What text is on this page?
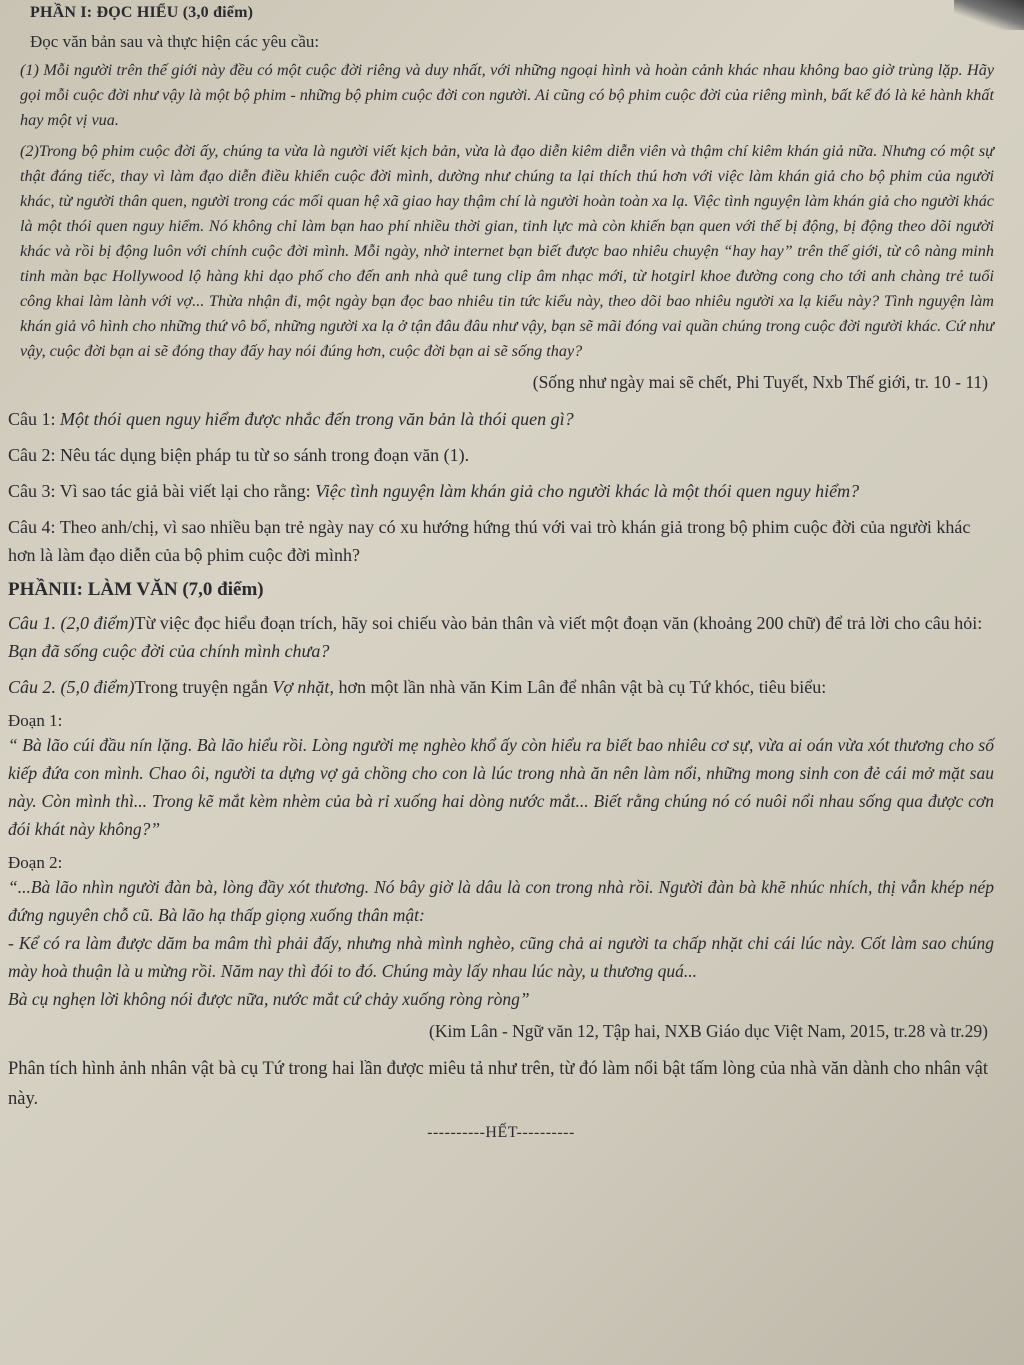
PHẦN I: ĐỌC HIỂU (3,0 điểm)

Đọc văn bản sau và thực hiện các yêu cầu:

(1) Mỗi người trên thế giới này đều có một cuộc đời riêng và duy nhất, với những ngoại hình và hoàn cảnh khác nhau không bao giờ trùng lặp. Hãy gọi mỗi cuộc đời như vậy là một bộ phim - những bộ phim cuộc đời con người. Ai cũng có bộ phim cuộc đời của riêng mình, bất kể đó là kẻ hành khất hay một vị vua.

(2)Trong bộ phim cuộc đời ấy, chúng ta vừa là người viết kịch bản, vừa là đạo diễn kiêm diễn viên và thậm chí kiêm khán giả nữa. Nhưng có một sự thật đáng tiếc, thay vì làm đạo diễn điều khiển cuộc đời mình, dường như chúng ta lại thích thú hơn với việc làm khán giả cho bộ phim của người khác, từ người thân quen, người trong các mối quan hệ xã giao hay thậm chí là người hoàn toàn xa lạ. Việc tình nguyện làm khán giả cho người khác là một thói quen nguy hiểm. Nó không chỉ làm bạn hao phí nhiều thời gian, tinh lực mà còn khiến bạn quen với thế bị động, bị động theo dõi người khác và rồi bị động luôn với chính cuộc đời mình. Mỗi ngày, nhờ internet bạn biết được bao nhiêu chuyện “hay hay” trên thế giới, từ cô nàng minh tinh màn bạc Hollywood lộ hàng khi dạo phố cho đến anh nhà quê tung clip âm nhạc mới, từ hotgirl khoe đường cong cho tới anh chàng trẻ tuổi công khai làm lành với vợ... Thừa nhận đi, một ngày bạn đọc bao nhiêu tin tức kiểu này, theo dõi bao nhiêu người xa lạ kiểu này? Tình nguyện làm khán giả vô hình cho những thứ vô bổ, những người xa lạ ở tận đâu đâu như vậy, bạn sẽ mãi đóng vai quần chúng trong cuộc đời người khác. Cứ như vậy, cuộc đời bạn ai sẽ đóng thay đấy hay nói đúng hơn, cuộc đời bạn ai sẽ sống thay?

(Sống như ngày mai sẽ chết, Phi Tuyết, Nxb Thế giới, tr. 10 - 11)

Câu 1: Một thói quen nguy hiểm được nhắc đến trong văn bản là thói quen gì?

Câu 2: Nêu tác dụng biện pháp tu từ so sánh trong đoạn văn (1).

Câu 3: Vì sao tác giả bài viết lại cho rằng: Việc tình nguyện làm khán giả cho người khác là một thói quen nguy hiểm?

Câu 4: Theo anh/chị, vì sao nhiều bạn trẻ ngày nay có xu hướng hứng thú với vai trò khán giả trong bộ phim cuộc đời của người khác hơn là làm đạo diễn của bộ phim cuộc đời mình?

PHẦNII: LÀM VĂN (7,0 điểm)

Câu 1. (2,0 điểm)Từ việc đọc hiểu đoạn trích, hãy soi chiếu vào bản thân và viết một đoạn văn (khoảng 200 chữ) để trả lời cho câu hỏi: Bạn đã sống cuộc đời của chính mình chưa?

Câu 2. (5,0 điểm)Trong truyện ngắn Vợ nhặt, hơn một lần nhà văn Kim Lân để nhân vật bà cụ Tứ khóc, tiêu biểu:

Đoạn 1:

“ Bà lão cúi đầu nín lặng. Bà lão hiểu rồi. Lòng người mẹ nghèo khổ ấy còn hiểu ra biết bao nhiêu cơ sự, vừa ai oán vừa xót thương cho số kiếp đứa con mình. Chao ôi, người ta dựng vợ gả chồng cho con là lúc trong nhà ăn nên làm nổi, những mong sinh con đẻ cái mở mặt sau này. Còn mình thì... Trong kẽ mắt kèm nhèm của bà rỉ xuống hai dòng nước mắt... Biết rằng chúng nó có nuôi nổi nhau sống qua được cơn đói khát này không?”

Đoạn 2:

“...Bà lão nhìn người đàn bà, lòng đầy xót thương. Nó bây giờ là dâu là con trong nhà rồi. Người đàn bà khẽ nhúc nhích, thị vẫn khép nép đứng nguyên chỗ cũ. Bà lão hạ thấp giọng xuống thân mật:

- Kể có ra làm được dăm ba mâm thì phải đấy, nhưng nhà mình nghèo, cũng chả ai người ta chấp nhặt chi cái lúc này. Cốt làm sao chúng mày hoà thuận là u mừng rồi. Năm nay thì đói to đó. Chúng mày lấy nhau lúc này, u thương quá...

Bà cụ nghẹn lời không nói được nữa, nước mắt cứ chảy xuống ròng ròng”

(Kim Lân - Ngữ văn 12, Tập hai, NXB Giáo dục Việt Nam, 2015, tr.28 và tr.29)

Phân tích hình ảnh nhân vật bà cụ Tứ trong hai lần được miêu tả như trên, từ đó làm nổi bật tấm lòng của nhà văn dành cho nhân vật này.

----------HẾT----------
